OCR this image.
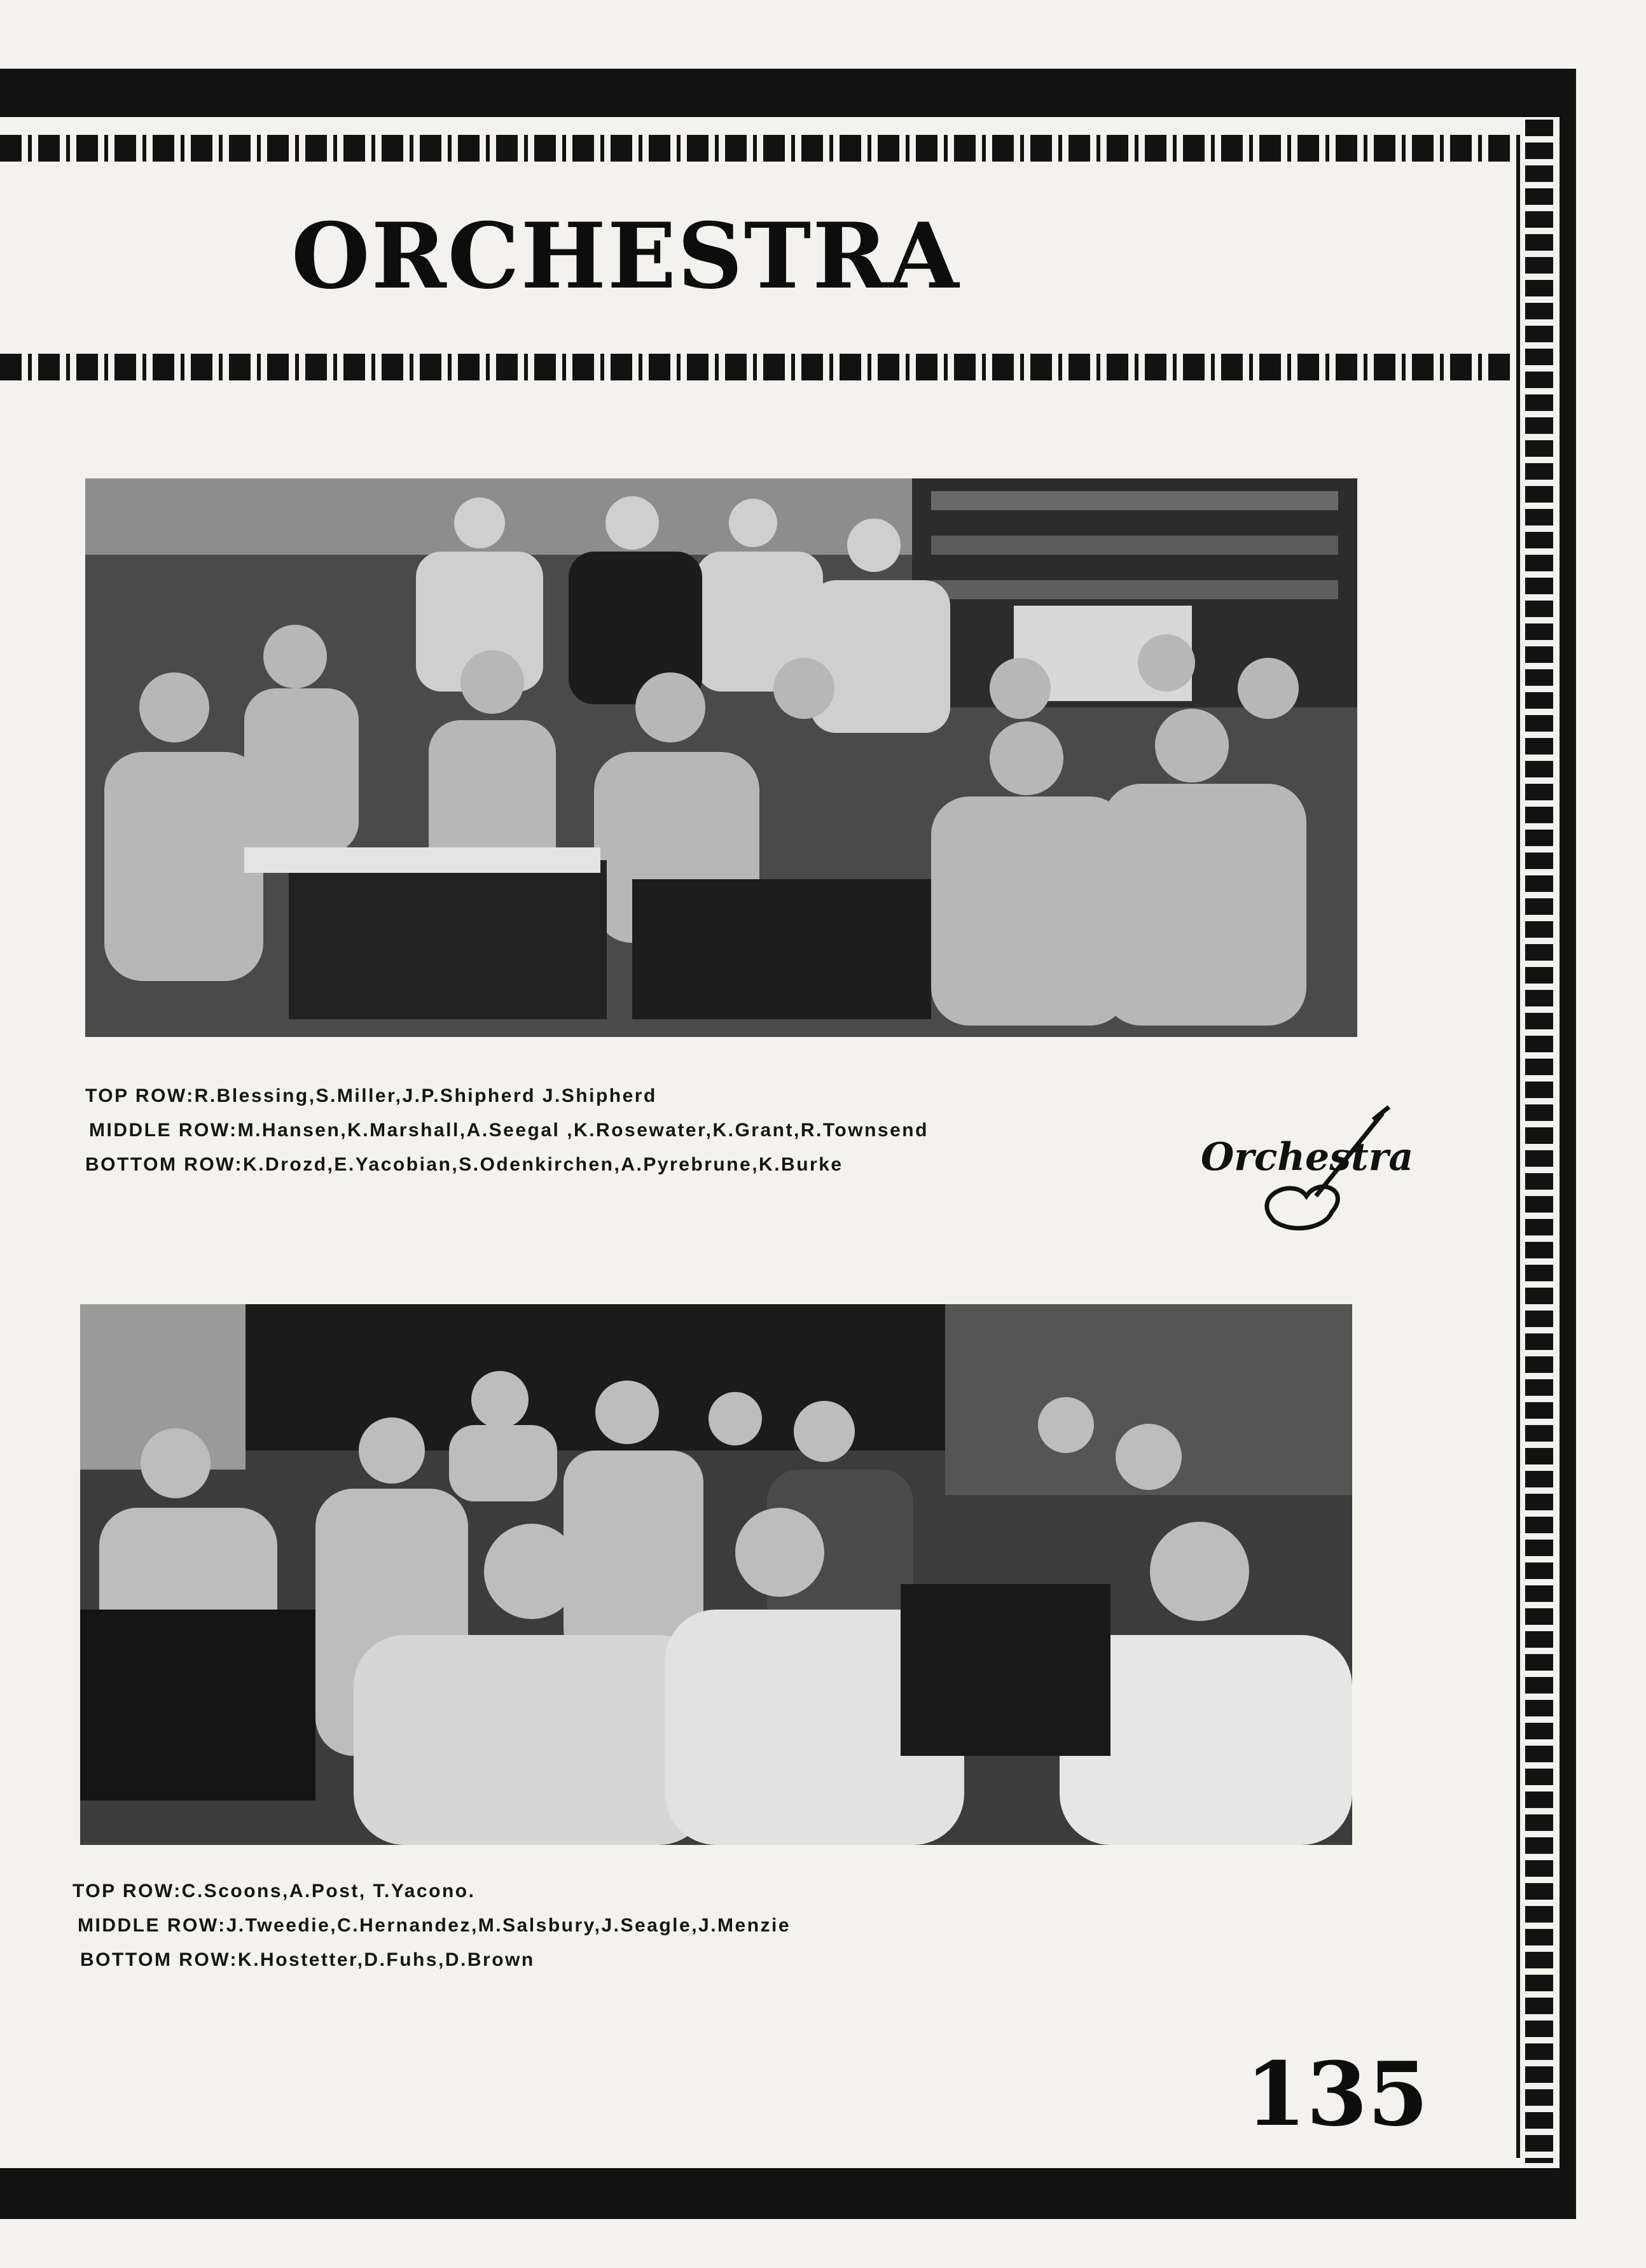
ORCHESTRA
TOP ROW:R.Blessing,S.Miller,J.P.Shipherd J.Shipherd
MIDDLE ROW:M.Hansen,K.Marshall,A.Seegal ,K.Rosewater,K.Grant,R.Townsend
BOTTOM ROW:K.Drozd,E.Yacobian,S.Odenkirchen,A.Pyrebrune,K.Burke	Orchestra
TOP ROW:C.Scoons,A.Post, T.Yacono.
MIDDLE ROW:J.Tweedie,C.Hernandez,M.Salsbury,J.Seagle,J.Menzie
BOTTOM ROW:K.Hostetter,D.Fuhs,D.Brown
135
